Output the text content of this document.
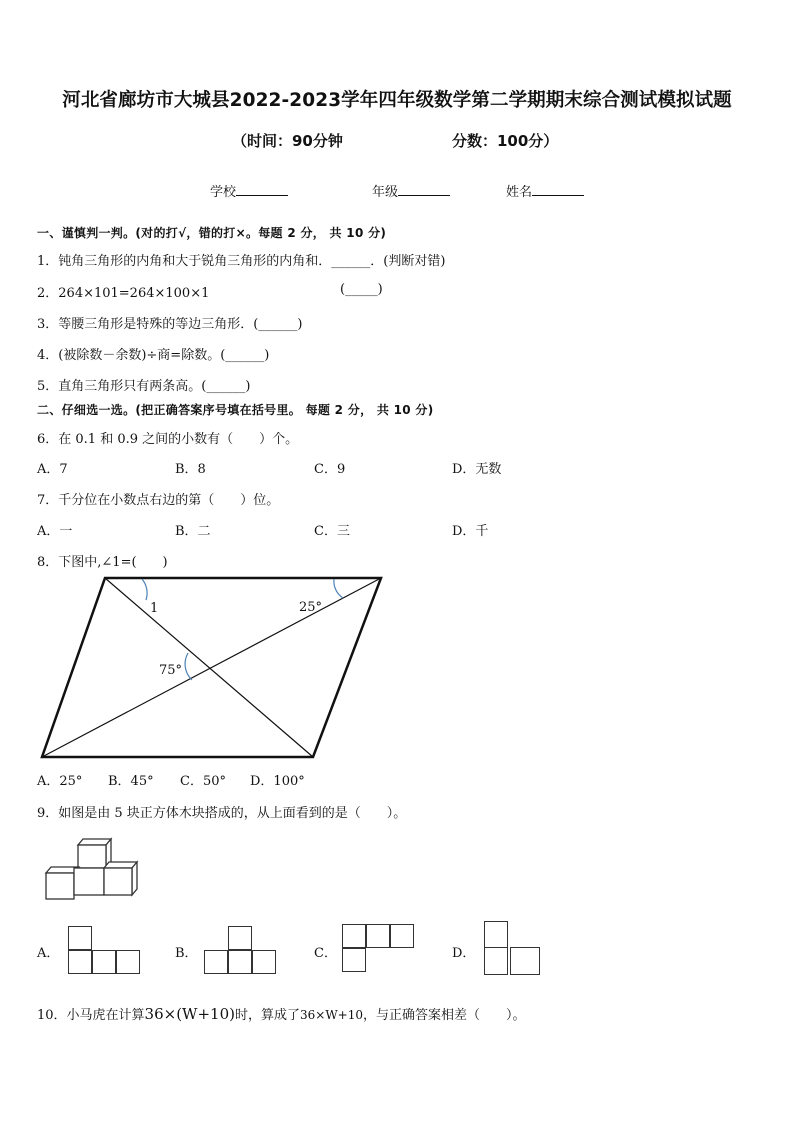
河北省廊坊市大城县2022-2023学年四年级数学第二学期期末综合测试模拟试题
（时间：90分钟	分数：100分）
学校	年级	姓名
一、谨慎判一判。(对的打√，错的打×。每题 2 分， 共 10 分)
1．钝角三角形的内角和大于锐角三角形的内角和．______．(判断对错)
2．264×101=264×100×1	(_____)
3．等腰三角形是特殊的等边三角形．(______)
4．(被除数－余数)÷商=除数。(______)
5．直角三角形只有两条高。(______)
二、仔细选一选。(把正确答案序号填在括号里。 每题 2 分， 共 10 分)
6．在 0.1 和 0.9 之间的小数有（　　）个。
A．7	B．8	C．9	D．无数
7．千分位在小数点右边的第（　　）位。
A．一	B．二	C．三	D．千
8．下图中,∠1=(　　)
1	25°
75°
A．25° B．45° C．50° D．100°
9．如图是由 5 块正方体木块搭成的，从上面看到的是（　　）。
A．	B．	C．	D．
10．小马虎在计算36×(W+10)时，算成了36×W+10，与正确答案相差（　　）。
